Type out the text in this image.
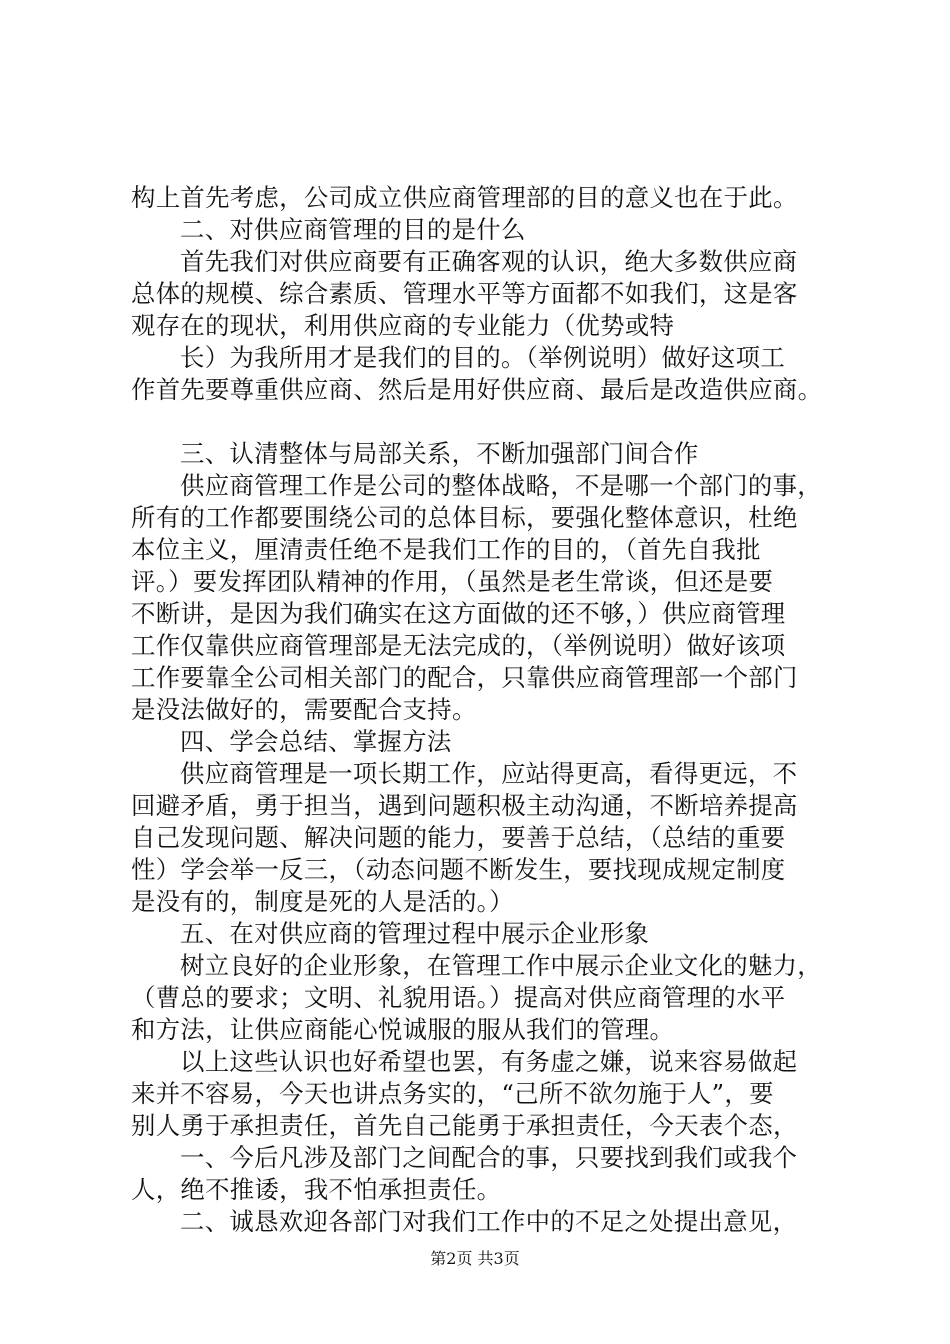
构上首先考虑，公司成立供应商管理部的目的意义也在于此。
二、对供应商管理的目的是什么
首先我们对供应商要有正确客观的认识，绝大多数供应商
总体的规模、综合素质、管理水平等方面都不如我们，这是客
观存在的现状，利用供应商的专业能力（优势或特
长）为我所用才是我们的目的。（举例说明）做好这项工
作首先要尊重供应商、然后是用好供应商、最后是改造供应商。
三、认清整体与局部关系，不断加强部门间合作
供应商管理工作是公司的整体战略，不是哪一个部门的事，
所有的工作都要围绕公司的总体目标，要强化整体意识，杜绝
本位主义，厘清责任绝不是我们工作的目的，（首先自我批
评。）要发挥团队精神的作用，（虽然是老生常谈，但还是要
不断讲，是因为我们确实在这方面做的还不够，）供应商管理
工作仅靠供应商管理部是无法完成的，（举例说明）做好该项
工作要靠全公司相关部门的配合，只靠供应商管理部一个部门
是没法做好的，需要配合支持。
四、学会总结、掌握方法
供应商管理是一项长期工作，应站得更高，看得更远，不
回避矛盾，勇于担当，遇到问题积极主动沟通，不断培养提高
自己发现问题、解决问题的能力，要善于总结，（总结的重要
性）学会举一反三，（动态问题不断发生，要找现成规定制度
是没有的，制度是死的人是活的。）
五、在对供应商的管理过程中展示企业形象
树立良好的企业形象，在管理工作中展示企业文化的魅力，
（曹总的要求；文明、礼貌用语。）提高对供应商管理的水平
和方法，让供应商能心悦诚服的服从我们的管理。
以上这些认识也好希望也罢，有务虚之嫌，说来容易做起
来并不容易，今天也讲点务实的，“己所不欲勿施于人”，要
别人勇于承担责任，首先自己能勇于承担责任，今天表个态，
一、今后凡涉及部门之间配合的事，只要找到我们或我个
人，绝不推诿，我不怕承担责任。
二、诚恳欢迎各部门对我们工作中的不足之处提出意见，
第2页 共3页
